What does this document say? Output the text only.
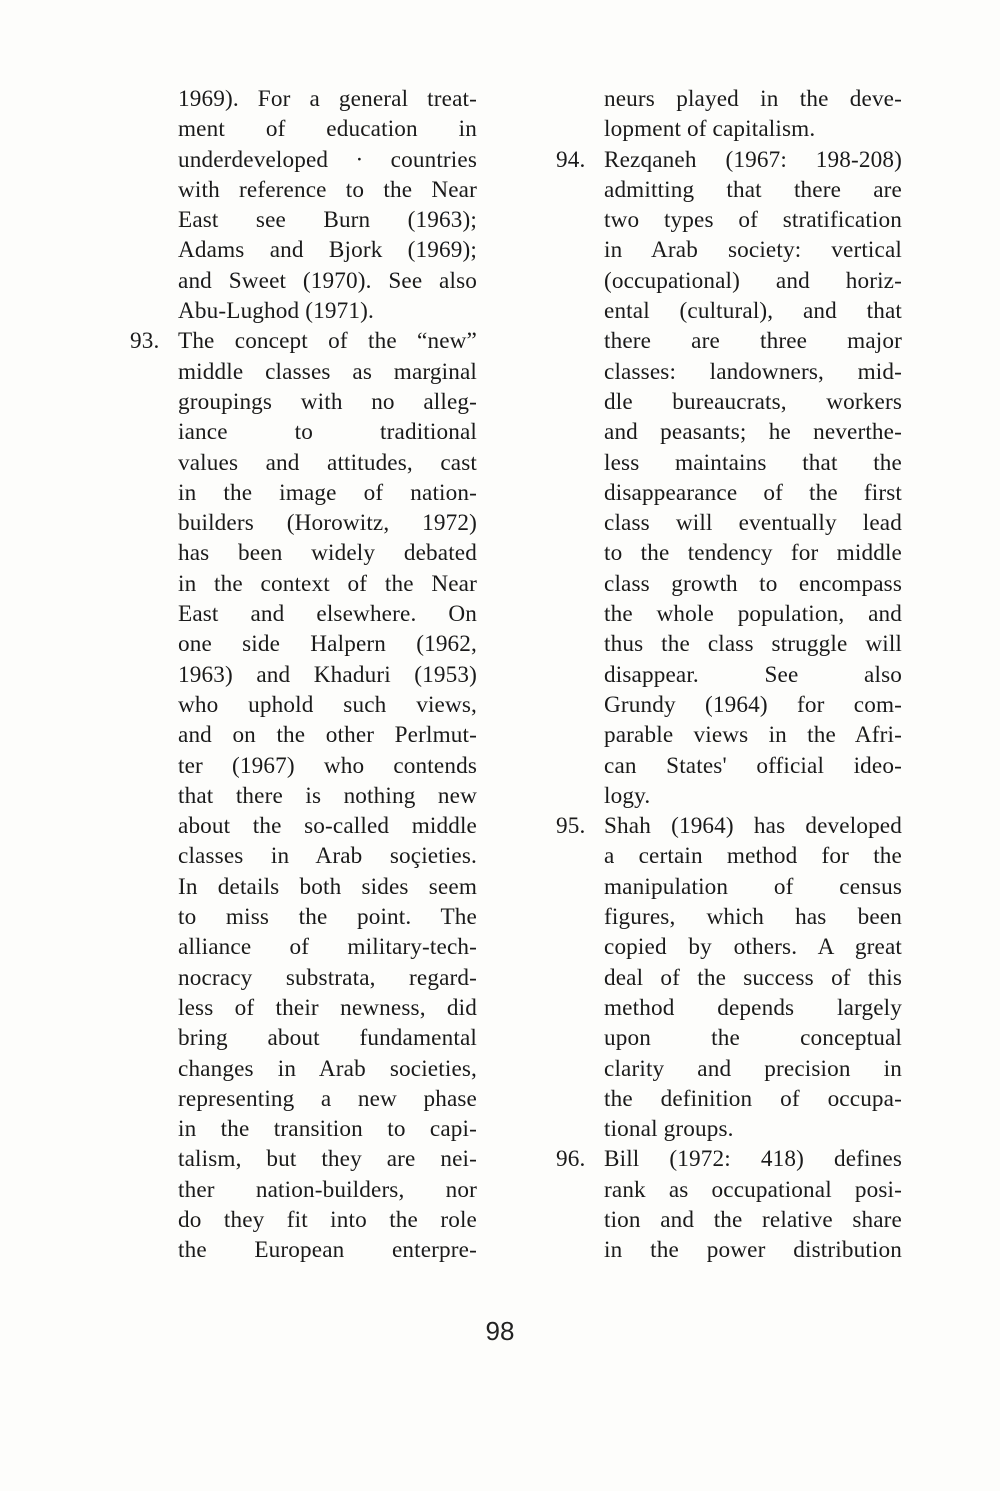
1969). For a general treat-
ment of education in
underdeveloped · countries
with reference to the Near
East see Burn (1963);
Adams and Bjork (1969);
and Sweet (1970). See also
Abu-Lughod (1971).
93. The concept of the “new”
middle classes as marginal
groupings with no alleg-
iance to traditional
values and attitudes, cast
in the image of nation-
builders (Horowitz, 1972)
has been widely debated
in the context of the Near
East and elsewhere. On
one side Halpern (1962,
1963) and Khaduri (1953)
who uphold such views,
and on the other Perlmut-
ter (1967) who contends
that there is nothing new
about the so-called middle
classes in Arab soçieties.
In details both sides seem
to miss the point. The
alliance of military-tech-
nocracy substrata, regard-
less of their newness, did
bring about fundamental
changes in Arab societies,
representing a new phase
in the transition to capi-
talism, but they are nei-
ther nation-builders, nor
do they fit into the role
the European enterpre-
neurs played in the deve-
lopment of capitalism.
94. Rezqaneh (1967: 198-208)
admitting that there are
two types of stratification
in Arab society: vertical
(occupational) and horiz-
ental (cultural), and that
there are three major
classes: landowners, mid-
dle bureaucrats, workers
and peasants; he neverthe-
less maintains that the
disappearance of the first
class will eventually lead
to the tendency for middle
class growth to encompass
the whole population, and
thus the class struggle will
disappear. See also
Grundy (1964) for com-
parable views in the Afri-
can States' official ideo-
logy.
95. Shah (1964) has developed
a certain method for the
manipulation of census
figures, which has been
copied by others. A great
deal of the success of this
method depends largely
upon the conceptual
clarity and precision in
the definition of occupa-
tional groups.
96. Bill (1972: 418) defines
rank as occupational posi-
tion and the relative share
in the power distribution
98
